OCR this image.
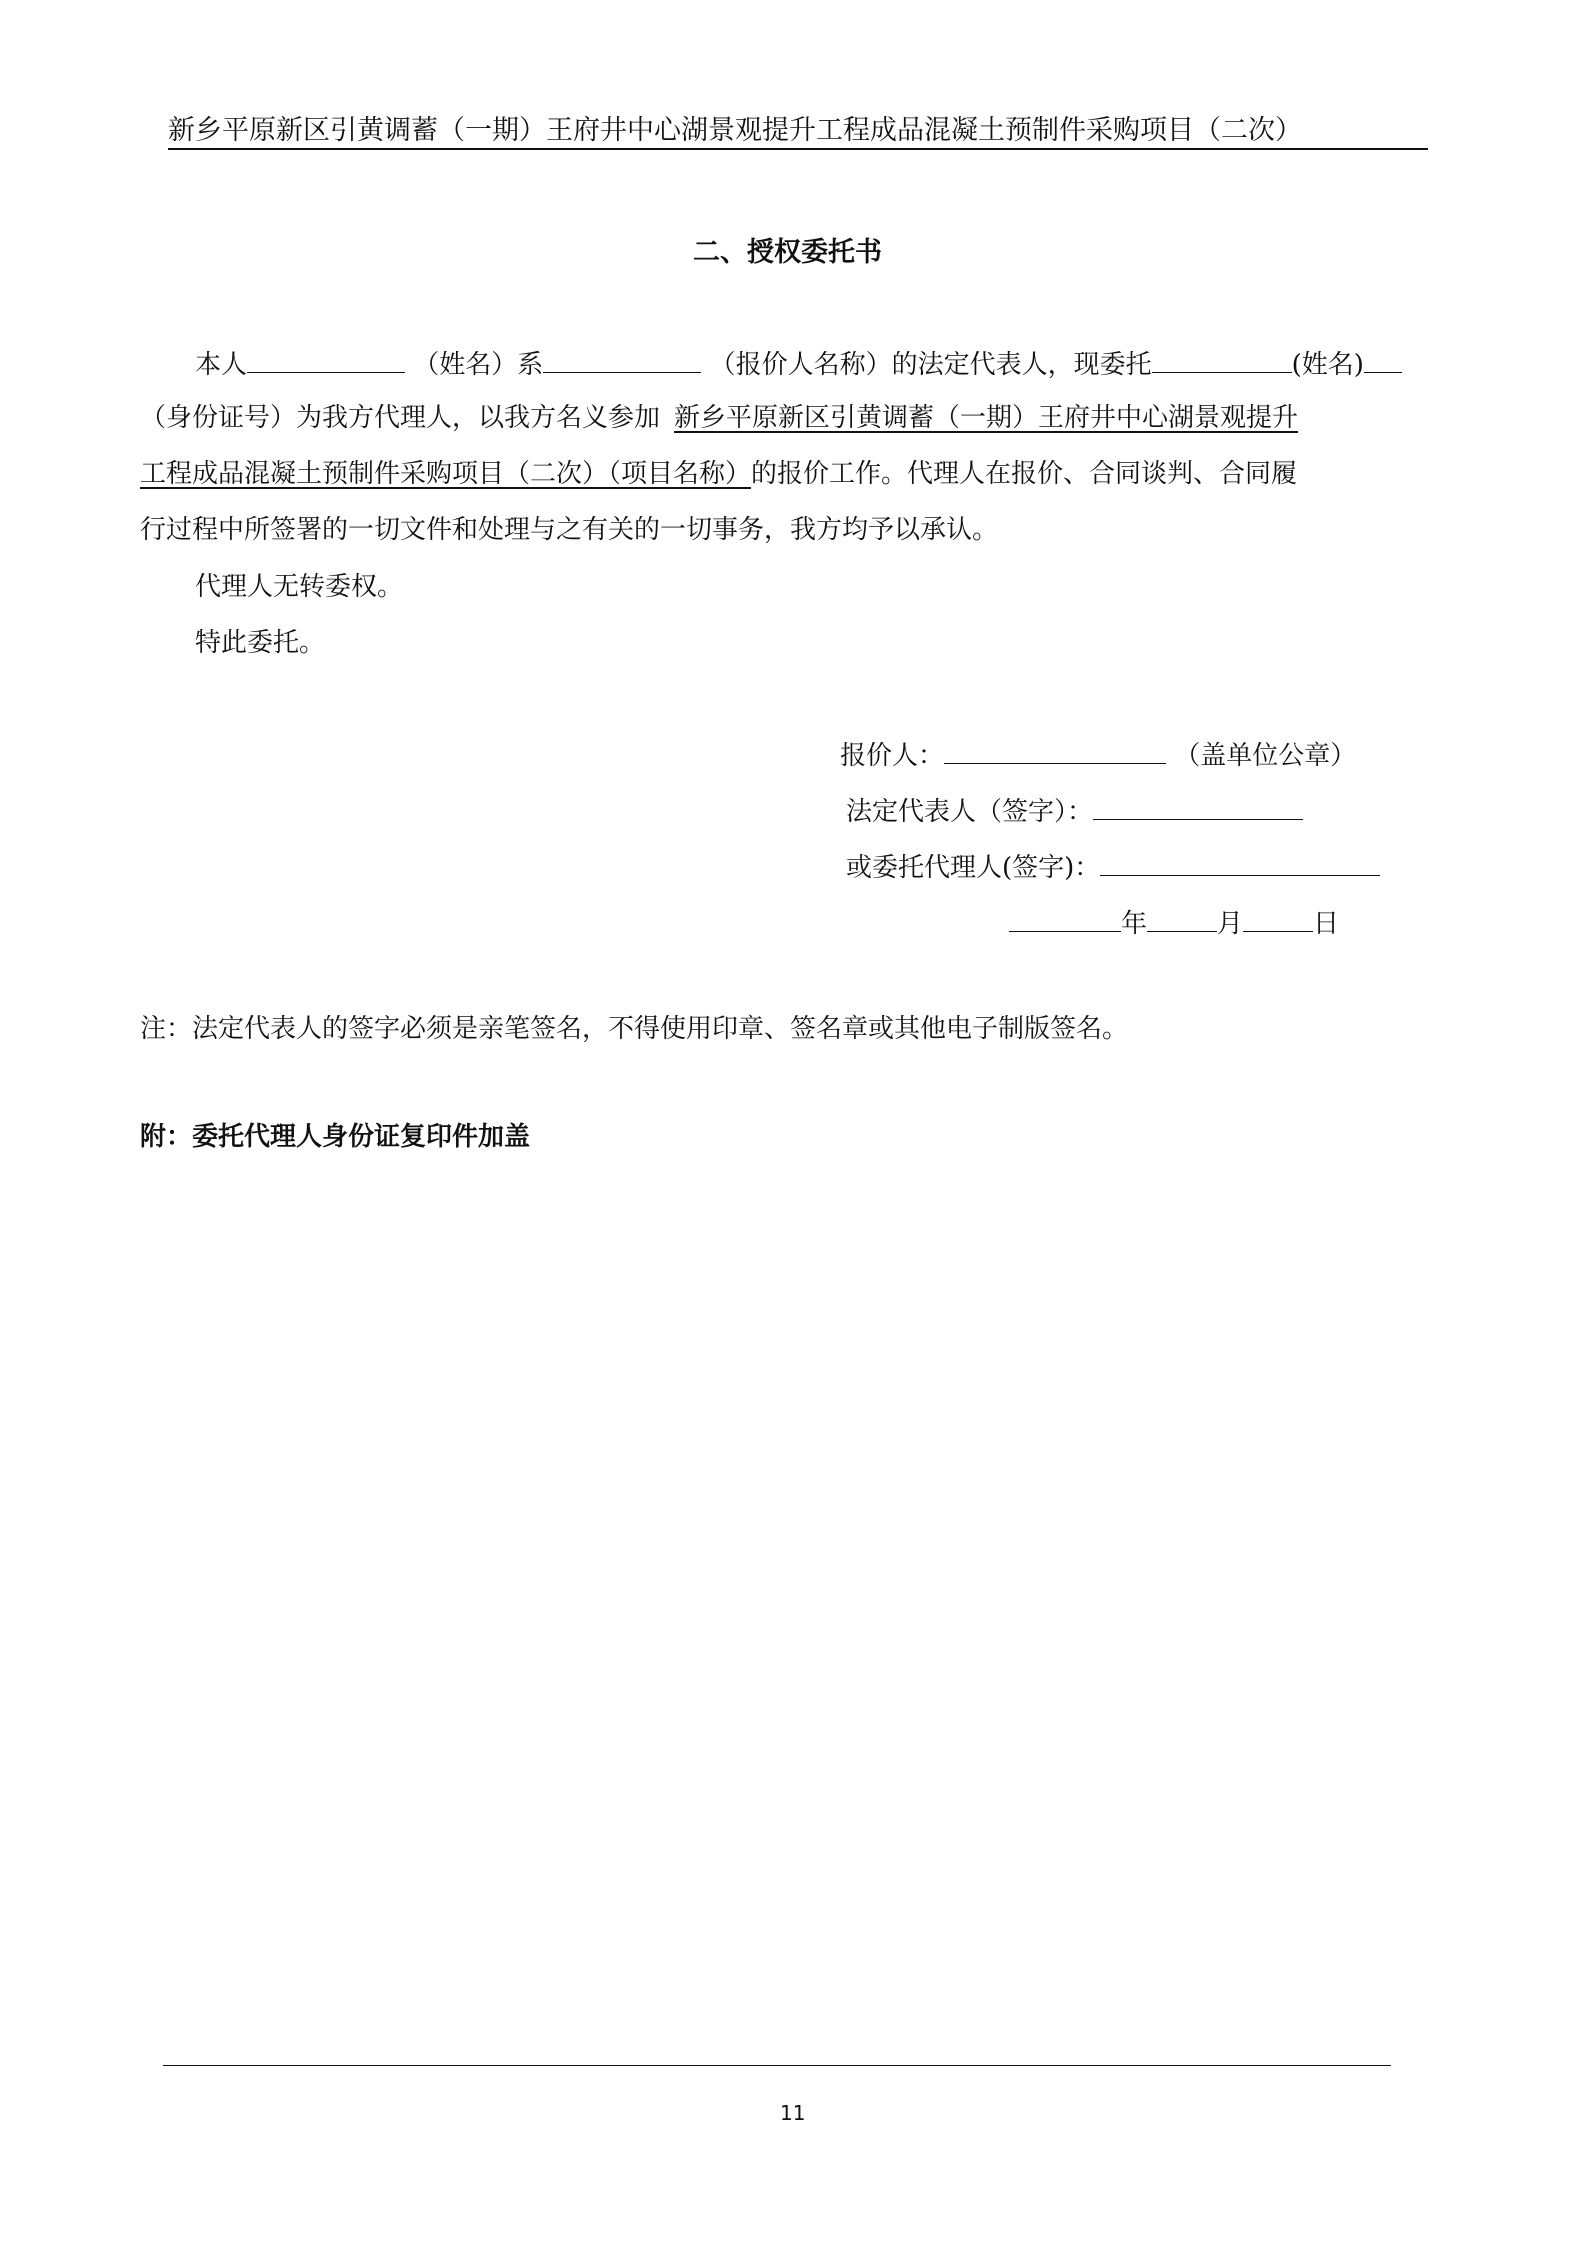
新乡平原新区引黄调蓄（一期）王府井中心湖景观提升工程成品混凝土预制件采购项目（二次）
二、授权委托书
本人	（姓名）系	（报价人名称）的法定代表人，现委托	(姓名)
（身份证号）为我方代理人，以我方名义参加 新乡平原新区引黄调蓄（一期）王府井中心湖景观提升
工程成品混凝土预制件采购项目（二次）（项目名称）的报价工作。代理人在报价、合同谈判、合同履
行过程中所签署的一切文件和处理与之有关的一切事务，我方均予以承认。
代理人无转委权。
特此委托。
报价人：	（盖单位公章）
法定代表人（签字）：
或委托代理人(签字)：
年	月	日
注：法定代表人的签字必须是亲笔签名，不得使用印章、签名章或其他电子制版签名。
附：委托代理人身份证复印件加盖
11
